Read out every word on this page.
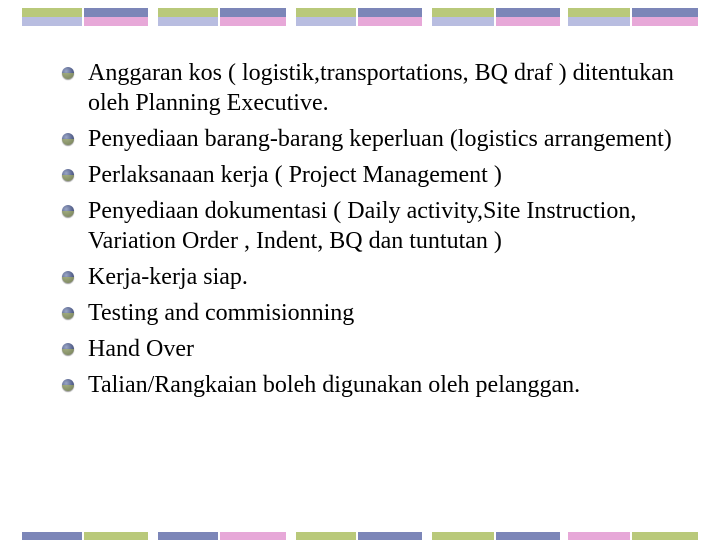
Anggaran kos ( logistik,transportations, BQ draf ) ditentukan oleh Planning Executive.
Penyediaan barang-barang keperluan (logistics arrangement)
Perlaksanaan kerja ( Project Management )
Penyediaan dokumentasi ( Daily activity,Site Instruction, Variation Order , Indent, BQ dan tuntutan )
Kerja-kerja siap.
Testing and commisionning
Hand Over
Talian/Rangkaian boleh digunakan oleh pelanggan.
